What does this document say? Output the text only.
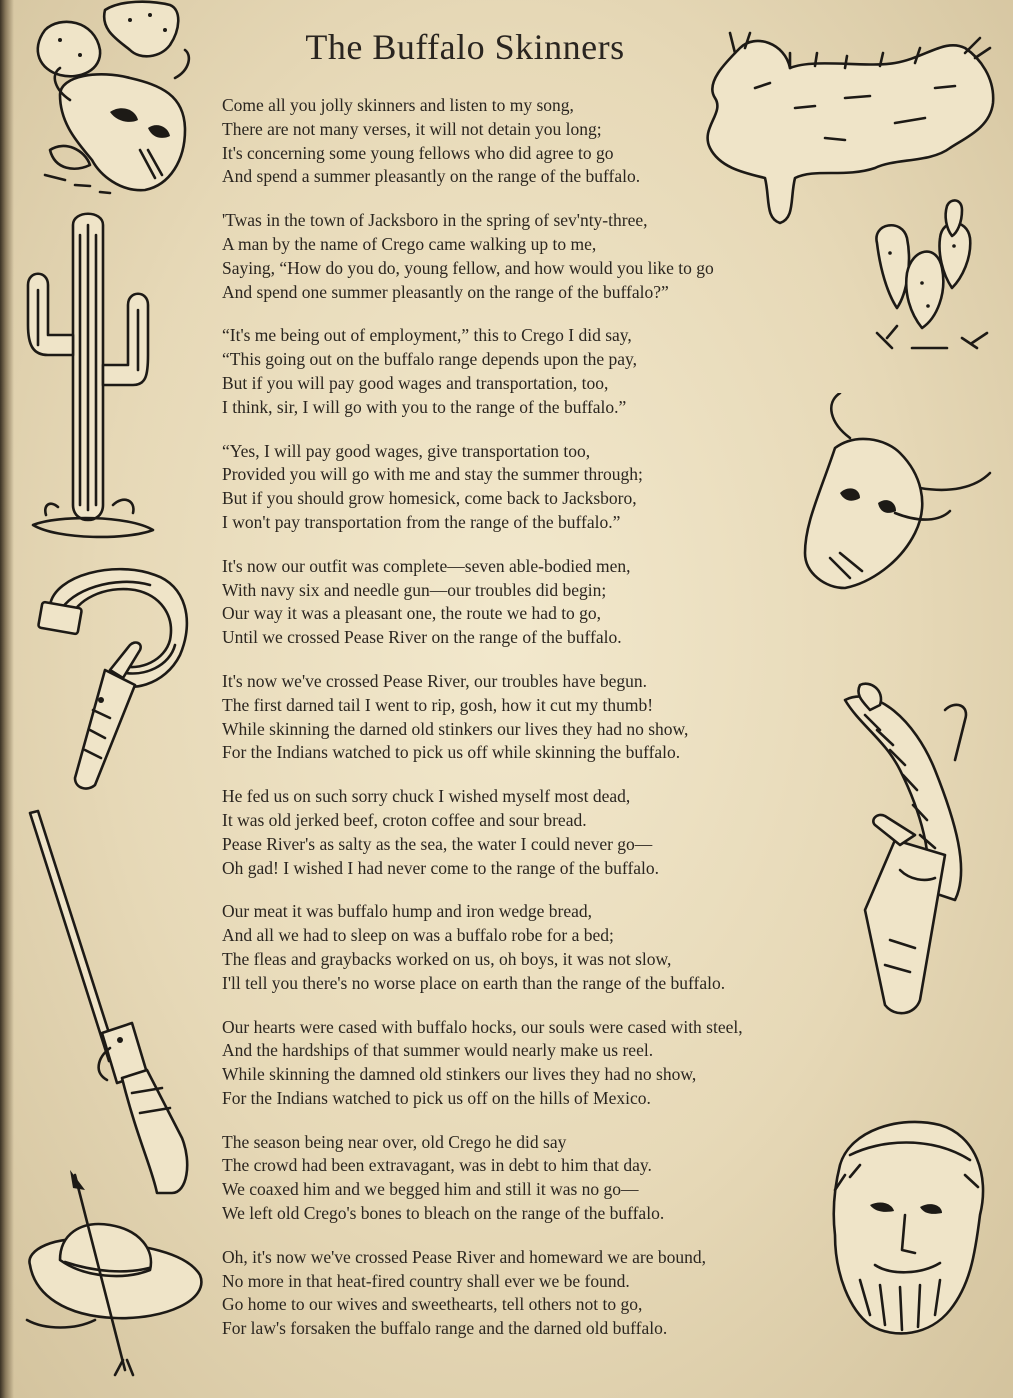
The Buffalo Skinners
Come all you jolly skinners and listen to my song,
There are not many verses, it will not detain you long;
It's concerning some young fellows who did agree to go
And spend a summer pleasantly on the range of the buffalo.
'Twas in the town of Jacksboro in the spring of sev'nty-three,
A man by the name of Crego came walking up to me,
Saying, “How do you do, young fellow, and how would you like to go
And spend one summer pleasantly on the range of the buffalo?”
“It's me being out of employment,” this to Crego I did say,
“This going out on the buffalo range depends upon the pay,
But if you will pay good wages and transportation, too,
I think, sir, I will go with you to the range of the buffalo.”
“Yes, I will pay good wages, give transportation too,
Provided you will go with me and stay the summer through;
But if you should grow homesick, come back to Jacksboro,
I won't pay transportation from the range of the buffalo.”
It's now our outfit was complete—seven able-bodied men,
With navy six and needle gun—our troubles did begin;
Our way it was a pleasant one, the route we had to go,
Until we crossed Pease River on the range of the buffalo.
It's now we've crossed Pease River, our troubles have begun.
The first darned tail I went to rip, gosh, how it cut my thumb!
While skinning the darned old stinkers our lives they had no show,
For the Indians watched to pick us off while skinning the buffalo.
He fed us on such sorry chuck I wished myself most dead,
It was old jerked beef, croton coffee and sour bread.
Pease River's as salty as the sea, the water I could never go—
Oh gad! I wished I had never come to the range of the buffalo.
Our meat it was buffalo hump and iron wedge bread,
And all we had to sleep on was a buffalo robe for a bed;
The fleas and graybacks worked on us, oh boys, it was not slow,
I'll tell you there's no worse place on earth than the range of the buffalo.
Our hearts were cased with buffalo hocks, our souls were cased with steel,
And the hardships of that summer would nearly make us reel.
While skinning the damned old stinkers our lives they had no show,
For the Indians watched to pick us off on the hills of Mexico.
The season being near over, old Crego he did say
The crowd had been extravagant, was in debt to him that day.
We coaxed him and we begged him and still it was no go—
We left old Crego's bones to bleach on the range of the buffalo.
Oh, it's now we've crossed Pease River and homeward we are bound,
No more in that heat-fired country shall ever we be found.
Go home to our wives and sweethearts, tell others not to go,
For law's forsaken the buffalo range and the darned old buffalo.
